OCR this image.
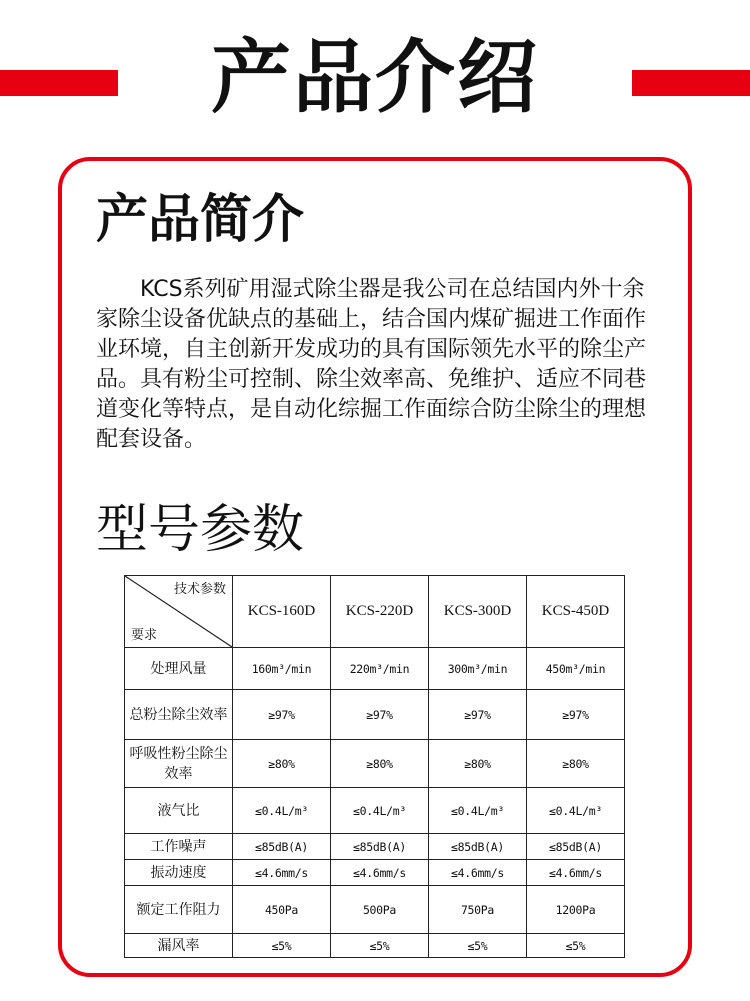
产品介绍
产品简介

KCS系列矿用湿式除尘器是我公司在总结国内外十余家除尘设备优缺点的基础上，结合国内煤矿掘进工作面作业环境，自主创新开发成功的具有国际领先水平的除尘产品。具有粉尘可控制、除尘效率高、免维护、适应不同巷道变化等特点，是自动化综掘工作面综合防尘除尘的理想配套设备。

型号参数
技术参数
要求	KCS-160D	KCS-220D	KCS-300D	KCS-450D
处理风量	160m³/min	220m³/min	300m³/min	450m³/min
总粉尘除尘效率	≥97%	≥97%	≥97%	≥97%
呼吸性粉尘除尘效率	≥80%	≥80%	≥80%	≥80%
液气比	≤0.4L/m³	≤0.4L/m³	≤0.4L/m³	≤0.4L/m³
工作噪声	≤85dB(A)	≤85dB(A)	≤85dB(A)	≤85dB(A)
振动速度	≤4.6mm/s	≤4.6mm/s	≤4.6mm/s	≤4.6mm/s
额定工作阻力	450Pa	500Pa	750Pa	1200Pa
漏风率	≤5%	≤5%	≤5%	≤5%
